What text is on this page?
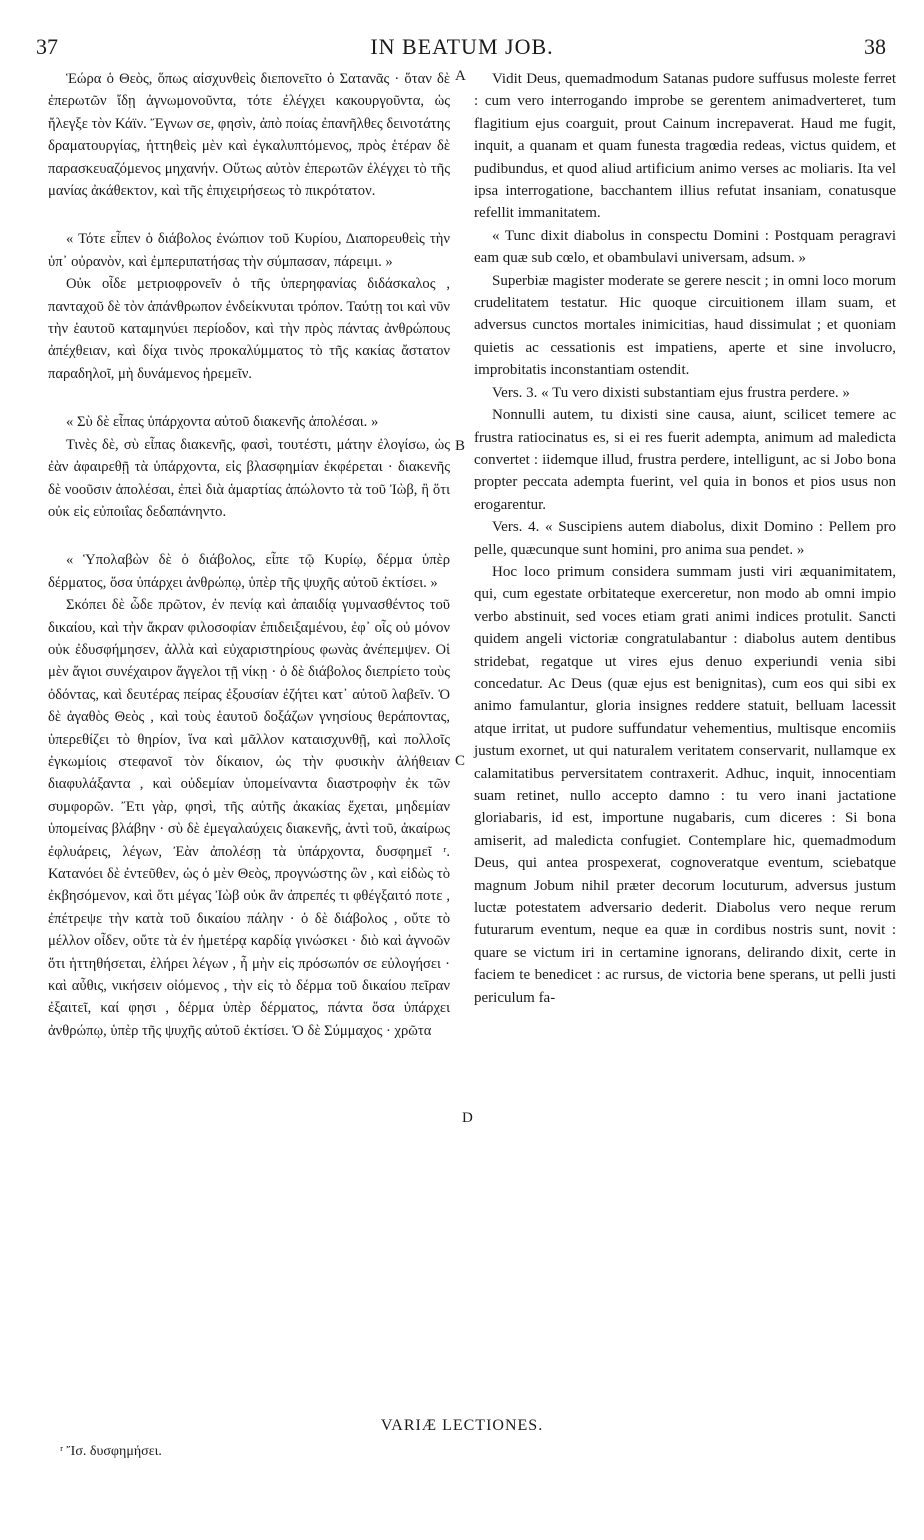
37	IN BEATUM JOB.	38
A
B
C
D

Ἑώρα ὁ Θεὸς, ὅπως αἰσχυνθεὶς διεπονεῖτο ὁ Σατανᾶς · ὅταν δὲ ἐπερωτῶν ἴδῃ ἀγνωμονοῦντα, τότε ἐλέγχει κακουργοῦντα, ὡς ἤλεγξε τὸν Κάϊν. Ἔγνων σε, φησὶν, ἀπὸ ποίας ἐπανῆλθες δεινοτάτης δραματουργίας, ἡττηθεὶς μὲν καὶ ἐγκαλυπτόμενος, πρὸς ἑτέραν δὲ παρασκευαζόμενος μηχανήν. Οὕτως αὐτὸν ἐπερωτῶν ἐλέγχει τὸ τῆς μανίας ἀκάθεκτον, καὶ τῆς ἐπιχειρήσεως τὸ πικρότατον.

« Τότε εἶπεν ὁ διάβολος ἐνώπιον τοῦ Κυρίου, Διαπορευθεὶς τὴν ὑπ᾿ οὐρανὸν, καὶ ἐμπεριπατήσας τὴν σύμπασαν, πάρειμι. »

Οὐκ οἶδε μετριοφρονεῖν ὁ τῆς ὑπερηφανίας διδάσκαλος , πανταχοῦ δὲ τὸν ἀπάνθρωπον ἐνδείκνυται τρόπον. Ταύτῃ τοι καὶ νῦν τὴν ἑαυτοῦ καταμηνύει περίοδον, καὶ τὴν πρὸς πάντας ἀνθρώπους ἀπέχθειαν, καὶ δίχα τινὸς προκαλύμματος τὸ τῆς κακίας ἄστατον παραδηλοῖ, μὴ δυνάμενος ἠρεμεῖν.

« Σὺ δὲ εἶπας ὑπάρχοντα αὐτοῦ διακενῆς ἀπολέσαι. »

Τινὲς δὲ, σὺ εἶπας διακενῆς, φασὶ, τουτέστι, μάτην ἐλογίσω, ὡς ἐὰν ἀφαιρεθῇ τὰ ὑπάρχοντα, εἰς βλασφημίαν ἐκφέρεται · διακενῆς δὲ νοοῦσιν ἀπολέσαι, ἐπεὶ διὰ ἁμαρτίας ἀπώλοντο τὰ τοῦ Ἰὼβ, ἢ ὅτι οὐκ εἰς εὐποιΐας δεδαπάνηντο.

« Ὑπολαβὼν δὲ ὁ διάβολος, εἶπε τῷ Κυρίῳ, δέρμα ὑπὲρ δέρματος, ὅσα ὑπάρχει ἀνθρώπῳ, ὑπὲρ τῆς ψυχῆς αὐτοῦ ἐκτίσει. »

Σκόπει δὲ ὧδε πρῶτον, ἐν πενίᾳ καὶ ἀπαιδίᾳ γυμνασθέντος τοῦ δικαίου, καὶ τὴν ἄκραν φιλοσοφίαν ἐπιδειξαμένου, ἐφ᾿ οἷς οὐ μόνον οὐκ ἐδυσφήμησεν, ἀλλὰ καὶ εὐχαριστηρίους φωνὰς ἀνέπεμψεν. Οἱ μὲν ἅγιοι συνέχαιρον ἄγγελοι τῇ νίκῃ · ὁ δὲ διάβολος διεπρίετο τοὺς ὀδόντας, καὶ δευτέρας πείρας ἐξουσίαν ἐζήτει κατ᾿ αὐτοῦ λαβεῖν. Ὁ δὲ ἀγαθὸς Θεὸς , καὶ τοὺς ἑαυτοῦ δοξάζων γνησίους θεράποντας, ὑπερεθίζει τὸ θηρίον, ἵνα καὶ μᾶλλον καταισχυνθῇ, καὶ πολλοῖς ἐγκωμίοις στεφανοῖ τὸν δίκαιον, ὡς τὴν φυσικὴν ἀλήθειαν διαφυλάξαντα , καὶ οὐδεμίαν ὑπομείναντα διαστροφὴν ἐκ τῶν συμφορῶν. Ἔτι γὰρ, φησὶ, τῆς αὐτῆς ἀκακίας ἔχεται, μηδεμίαν ὑπομείνας βλάβην · σὺ δὲ ἐμεγαλαύχεις διακενῆς, ἀντὶ τοῦ, ἀκαίρως ἐφλυάρεις, λέγων, Ἐὰν ἀπολέσῃ τὰ ὑπάρχοντα, δυσφημεῖ ʳ. Κατανόει δὲ ἐντεῦθεν, ὡς ὁ μὲν Θεὸς, προγνώστης ὢν , καὶ εἰδὼς τὸ ἐκβησόμενον, καὶ ὅτι μέγας Ἰὼβ οὐκ ἂν ἀπρεπές τι φθέγξαιτό ποτε , ἐπέτρεψε τὴν κατὰ τοῦ δικαίου πάλην · ὁ δὲ διάβολος , οὔτε τὸ μέλλον οἶδεν, οὔτε τὰ ἐν ἡμετέρᾳ καρδίᾳ γινώσκει · διὸ καὶ ἀγνοῶν ὅτι ἡττηθήσεται, ἐλήρει λέγων , ἦ μὴν εἰς πρόσωπόν σε εὐλογήσει · καὶ αὖθις, νικήσειν οἰόμενος , τὴν εἰς τὸ δέρμα τοῦ δικαίου πεῖραν ἐξαιτεῖ, καί φησι , δέρμα ὑπὲρ δέρματος, πάντα ὅσα ὑπάρχει ἀνθρώπῳ, ὑπὲρ τῆς ψυχῆς αὐτοῦ ἐκτίσει. Ὁ δὲ Σύμμαχος · χρῶτα

Vidit Deus, quemadmodum Satanas pudore suffusus moleste ferret : cum vero interrogando improbe se gerentem animadverteret, tum flagitium ejus coarguit, prout Cainum increpaverat. Haud me fugit, inquit, a quanam et quam funesta tragœdia redeas, victus quidem, et pudibundus, et quod aliud artificium animo verses ac moliaris. Ita vel ipsa interrogatione, bacchantem illius refutat insaniam, conatusque refellit immanitatem.

« Tunc dixit diabolus in conspectu Domini : Postquam peragravi eam quæ sub cœlo, et obambulavi universam, adsum. »

Superbiæ magister moderate se gerere nescit ; in omni loco morum crudelitatem testatur. Hic quoque circuitionem illam suam, et adversus cunctos mortales inimicitias, haud dissimulat ; et quoniam quietis ac cessationis est impatiens, aperte et sine involucro, improbitatis inconstantiam ostendit.

Vers. 3. « Tu vero dixisti substantiam ejus frustra perdere. »

Nonnulli autem, tu dixisti sine causa, aiunt, scilicet temere ac frustra ratiocinatus es, si ei res fuerit adempta, animum ad maledicta convertet : iidemque illud, frustra perdere, intelligunt, ac si Jobo bona propter peccata adempta fuerint, vel quia in bonos et pios usus non erogarentur.

Vers. 4. « Suscipiens autem diabolus, dixit Domino : Pellem pro pelle, quæcunque sunt homini, pro anima sua pendet. »

Hoc loco primum considera summam justi viri æquanimitatem, qui, cum egestate orbitateque exerceretur, non modo ab omni impio verbo abstinuit, sed voces etiam grati animi indices protulit. Sancti quidem angeli victoriæ congratulabantur : diabolus autem dentibus stridebat, regatque ut vires ejus denuo experiundi venia sibi concedatur. Ac Deus (quæ ejus est benignitas), cum eos qui sibi ex animo famulantur, gloria insignes reddere statuit, belluam lacessit atque irritat, ut pudore suffundatur vehementius, multisque encomiis justum exornet, ut qui naturalem veritatem conservarit, nullamque ex calamitatibus perversitatem contraxerit. Adhuc, inquit, innocentiam suam retinet, nullo accepto damno : tu vero inani jactatione gloriabaris, id est, importune nugabaris, cum diceres : Si bona amiserit, ad maledicta confugiet. Contemplare hic, quemadmodum Deus, qui antea prospexerat, cognoveratque eventum, sciebatque magnum Jobum nihil præter decorum locuturum, adversus justum luctæ potestatem adversario dederit. Diabolus vero neque rerum futurarum eventum, neque ea quæ in cordibus nostris sunt, novit : quare se victum iri in certamine ignorans, delirando dixit, certe in faciem te benedicet : ac rursus, de victoria bene sperans, ut pelli justi periculum fa-

VARIÆ LECTIONES.
ʳ Ἴσ. δυσφημήσει.
